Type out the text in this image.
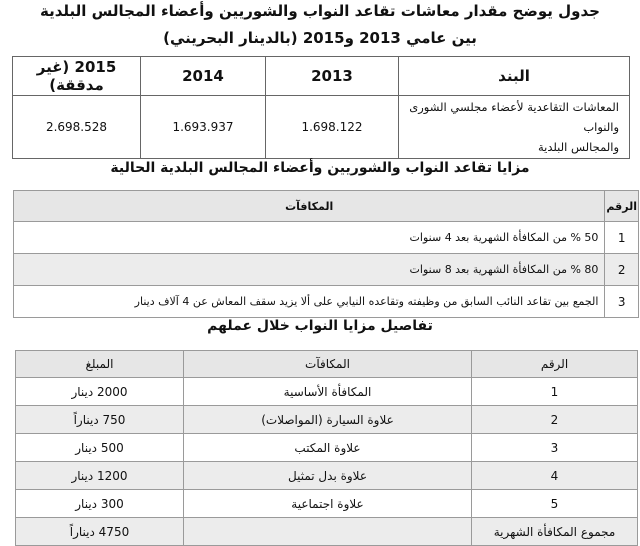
جدول يوضح مقدار معاشات تقاعد النواب والشوريين وأعضاء المجالس البلدية
بين عامي 2013 و2015 (بالدينار البحريني)
البند	2013	2014	2015 (غير مدققة)

المعاشات التقاعدية لأعضاء مجلسي الشورى والنواب
والمجالس البلدية	1.698.122	1.693.937	2.698.528
مزايا تقاعد النواب والشوريين وأعضاء المجالس البلدية الحالية
الرقم	المكافآت
1	50 % من المكافأة الشهرية بعد 4 سنوات
2	80 % من المكافأة الشهرية بعد 8 سنوات
3	الجمع بين تقاعد النائب السابق من وظيفته وتقاعده النيابي على ألا يزيد سقف المعاش عن 4 آلاف دينار
تفاصيل مزايا النواب خلال عملهم
الرقم	المكافآت	المبلغ
1	المكافأة الأساسية	2000 دينار
2	علاوة السيارة (المواصلات)	750 ديناراً
3	علاوة المكتب	500 دينار
4	علاوة بدل تمثيل	1200 دينار
5	علاوة اجتماعية	300 دينار
مجموع المكافأة الشهرية		4750 ديناراً
